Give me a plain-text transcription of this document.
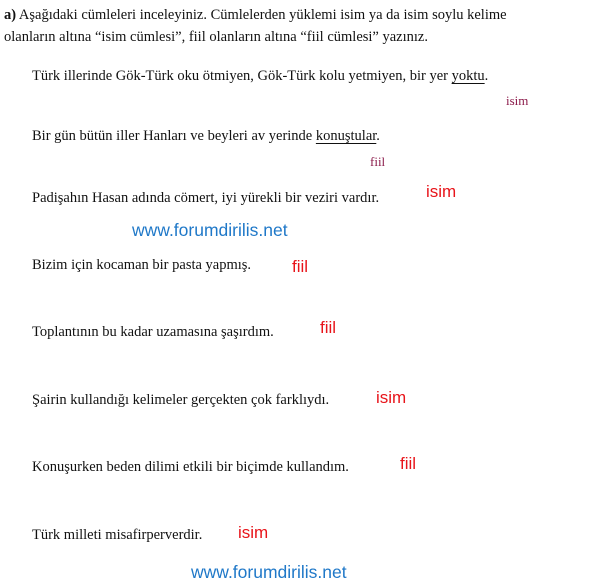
a) Aşağıdaki cümleleri inceleyiniz. Cümlelerden yüklemi isim ya da isim soylu kelime
olanların altına “isim cümlesi”, fiil olanların altına “fiil cümlesi” yazınız.
Türk illerinde Gök-Türk oku ötmiyen, Gök-Türk kolu yetmiyen, bir yer yoktu.
isim
Bir gün bütün iller Hanları ve beyleri av yerinde konuştular.
fiil
Padişahın Hasan adında cömert, iyi yürekli bir veziri vardır.	isim
www.forumdirilis.net
Bizim için kocaman bir pasta yapmış. fiil
Toplantının bu kadar uzamasına şaşırdım.	fiil
Şairin kullandığı kelimeler gerçekten çok farklıydı.	isim
Konuşurken beden dilimi etkili bir biçimde kullandım.	fiil
Türk milleti misafirperverdir. isim
www.forumdirilis.net
